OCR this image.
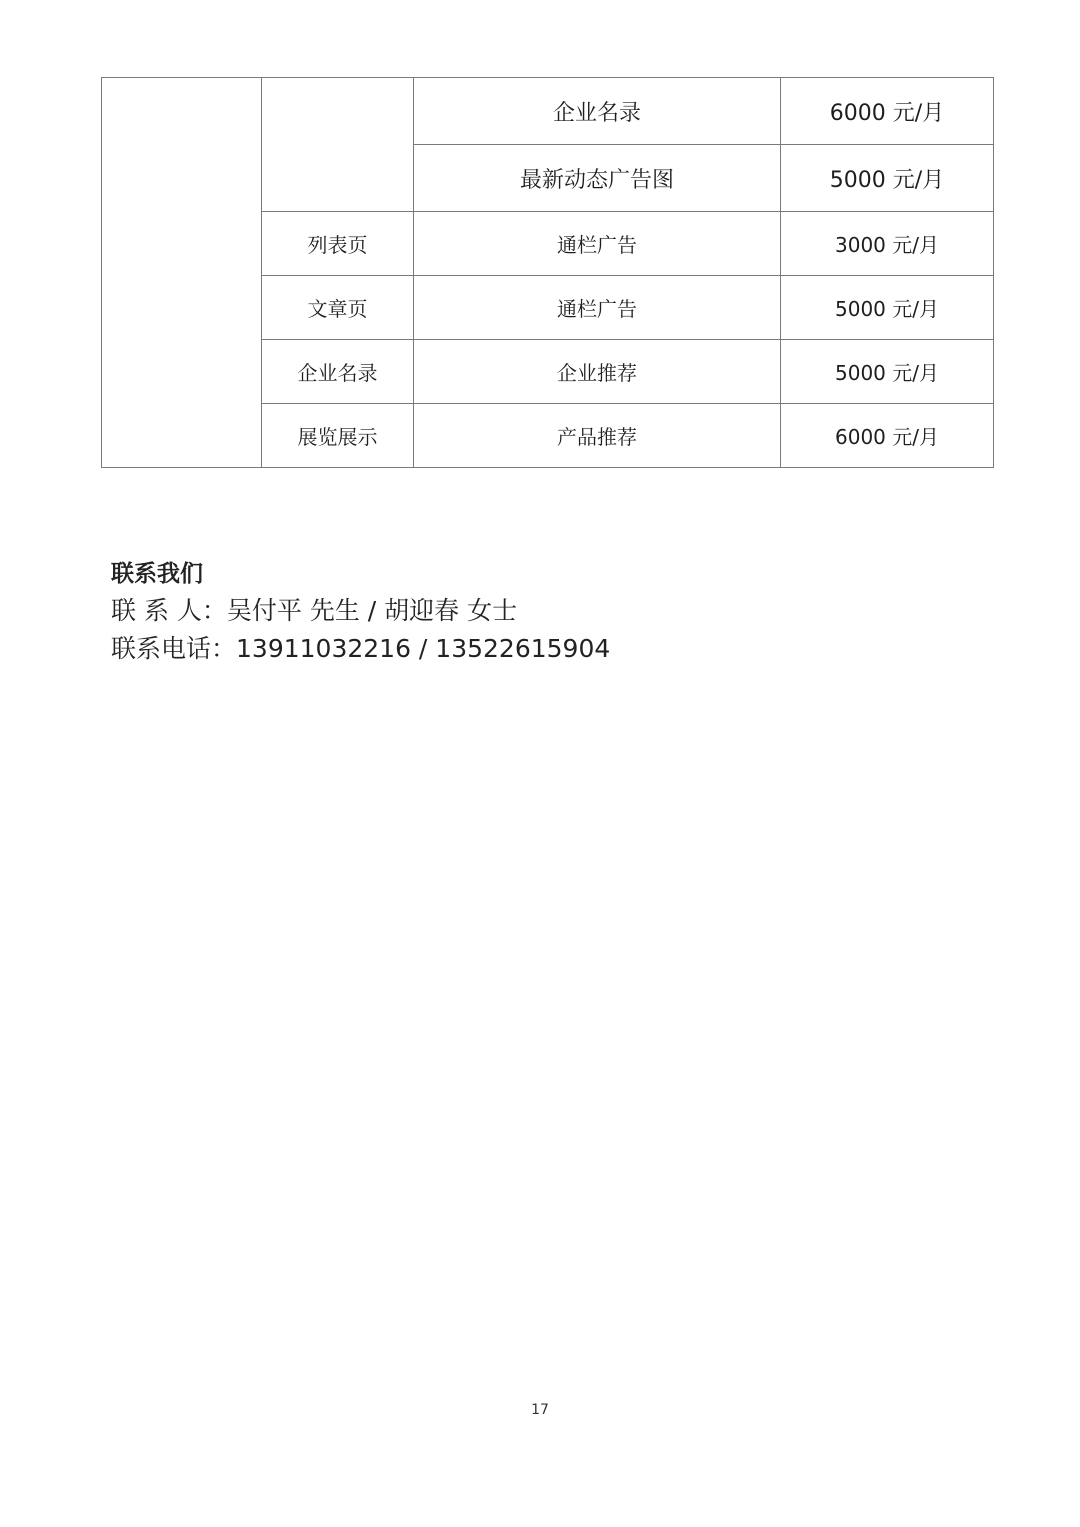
		企业名录	6000 元/月
		最新动态广告图	5000 元/月
	列表页	通栏广告	3000 元/月
	文章页	通栏广告	5000 元/月
	企业名录	企业推荐	5000 元/月
	展览展示	产品推荐	6000 元/月

联系我们

联 系 人：吴付平 先生 / 胡迎春 女士

联系电话：13911032216 / 13522615904

17
